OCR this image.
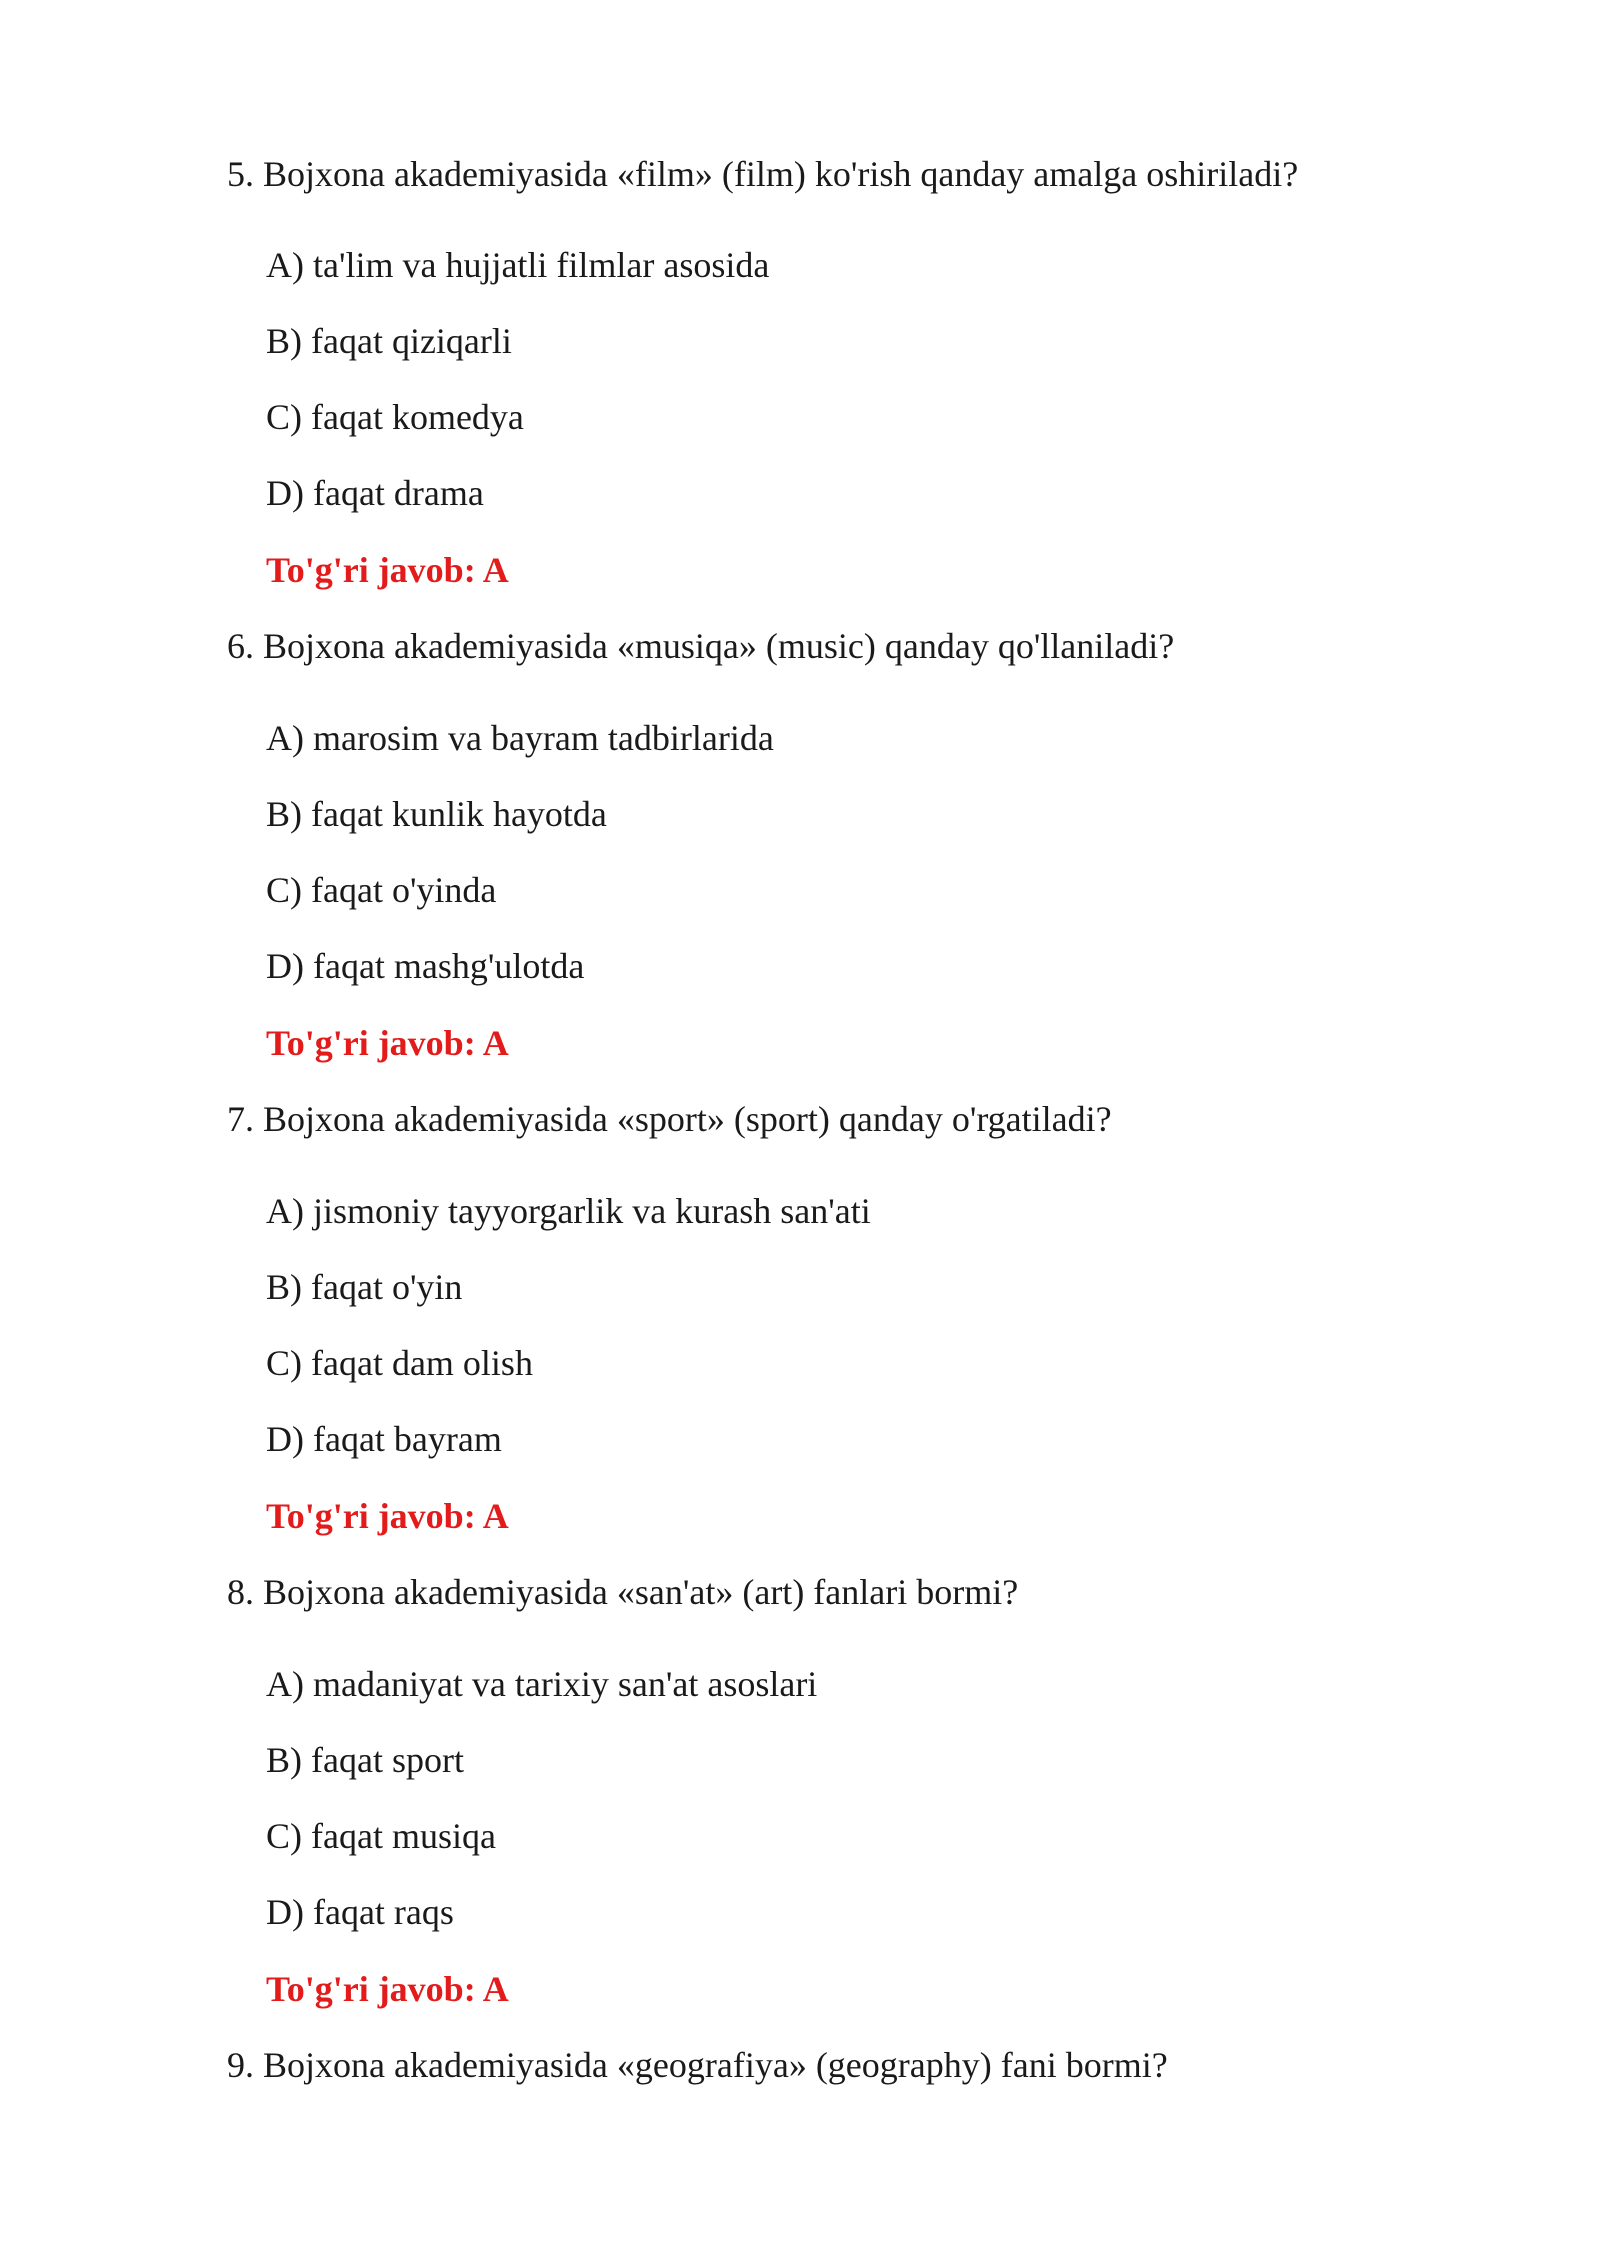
5. Bojxona akademiyasida «film» (film) ko'rish qanday amalga oshiriladi?
A) ta'lim va hujjatli filmlar asosida
B) faqat qiziqarli
C) faqat komedya
D) faqat drama
To'g'ri javob: A
6. Bojxona akademiyasida «musiqa» (music) qanday qo'llaniladi?
A) marosim va bayram tadbirlarida
B) faqat kunlik hayotda
C) faqat o'yinda
D) faqat mashg'ulotda
To'g'ri javob: A
7. Bojxona akademiyasida «sport» (sport) qanday o'rgatiladi?
A) jismoniy tayyorgarlik va kurash san'ati
B) faqat o'yin
C) faqat dam olish
D) faqat bayram
To'g'ri javob: A
8. Bojxona akademiyasida «san'at» (art) fanlari bormi?
A) madaniyat va tarixiy san'at asoslari
B) faqat sport
C) faqat musiqa
D) faqat raqs
To'g'ri javob: A
9. Bojxona akademiyasida «geografiya» (geography) fani bormi?
